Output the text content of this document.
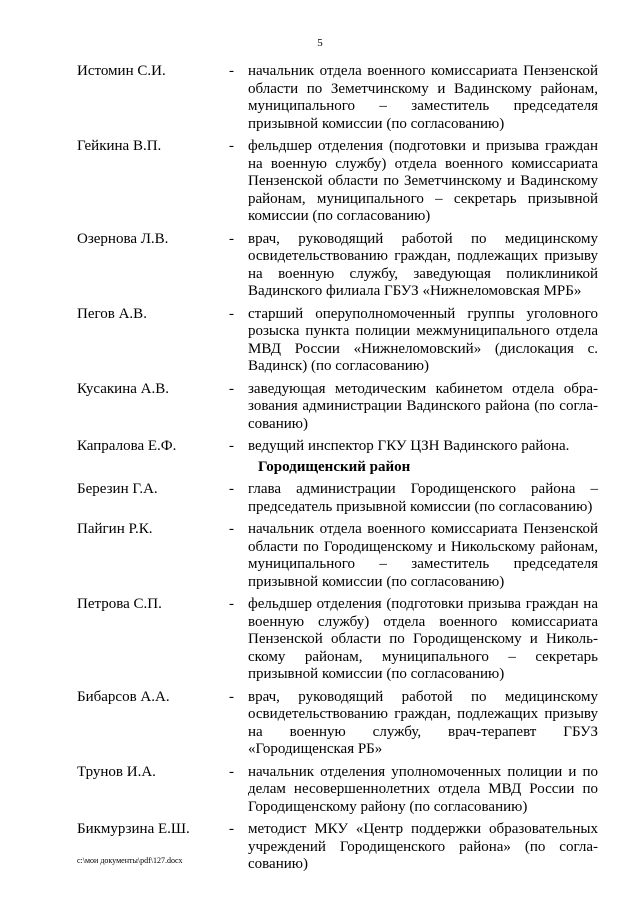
5
Истомин С.И.	- начальник отдела военного комиссариата Пензенской области по Земетчинскому и Вадинскому районам, муниципального – заместитель председателя призывной комиссии (по согласованию)
Гейкина В.П.	- фельдшер отделения (подготовки и призыва граждан на военную службу) отдела военного комиссариата Пензенской области по Земетчинскому и Вадинскому районам, муниципального – секретарь призывной комиссии (по согласованию)
Озернова Л.В.	- врач, руководящий работой по медицинскому освидетельствованию граждан, подлежащих призыву на военную службу, заведующая поликлиникой Вадинского филиала ГБУЗ «Нижнеломовская МРБ»
Пегов А.В.	- старший оперуполномоченный группы уголовного розыска пункта полиции межмуниципального отдела МВД России «Нижнеломовский» (дислокация с. Вадинск) (по согласованию)
Кусакина А.В.	- заведующая методическим кабинетом отдела образования администрации Вадинского района (по согласованию)
Капралова Е.Ф.	- ведущий инспектор ГКУ ЦЗН Вадинского района.
Городищенский район
Березин Г.А.	- глава администрации Городищенского района – председатель призывной комиссии (по согласованию)
Пайгин Р.К.	- начальник отдела военного комиссариата Пензенской области по Городищенскому и Никольскому районам, муниципального – заместитель председателя призывной комиссии (по согласованию)
Петрова С.П.	- фельдшер отделения (подготовки призыва граждан на военную службу) отдела военного комиссариата Пензенской области по Городищенскому и Никольскому районам, муниципального – секретарь призывной комиссии (по согласованию)
Бибарсов А.А.	- врач, руководящий работой по медицинскому освидетельствованию граждан, подлежащих призыву на военную службу, врач-терапевт ГБУЗ «Городищенская РБ»
Трунов И.А.	- начальник отделения уполномоченных полиции и по делам несовершеннолетних отдела МВД России по Городищенскому району (по согласованию)
Бикмурзина Е.Ш.	- методист МКУ «Центр поддержки образовательных учреждений Городищенского района» (по согласованию)
c:\мои документы\pdf\127.docx
